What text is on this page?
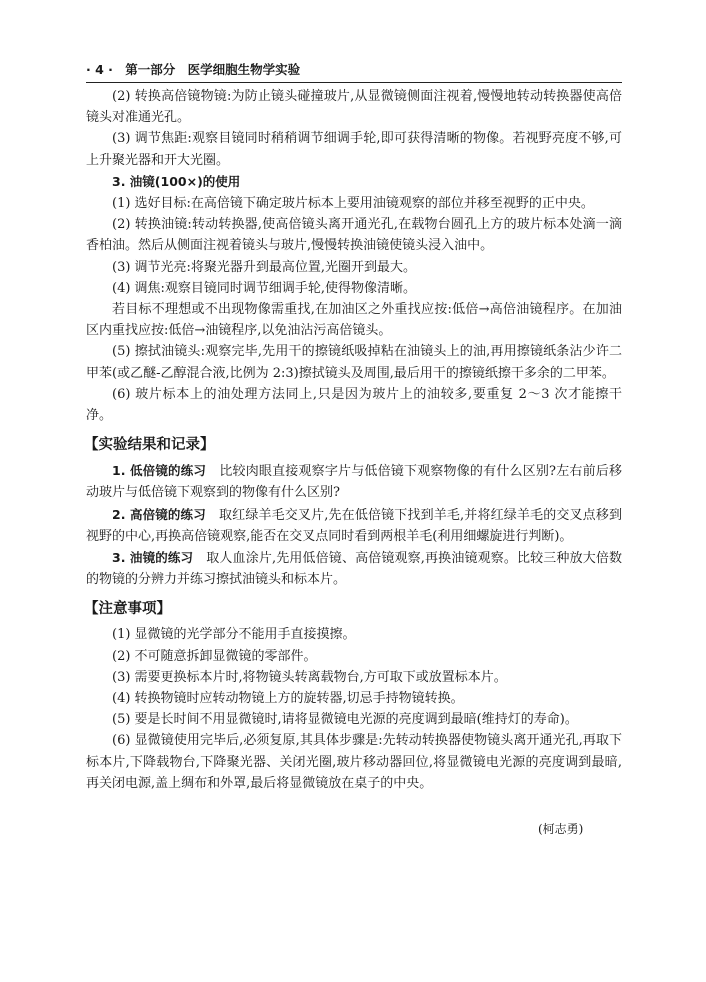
· 4 · 第一部分 医学细胞生物学实验

(2) 转换高倍镜物镜:为防止镜头碰撞玻片,从显微镜侧面注视着,慢慢地转动转换器使高倍镜头对准通光孔。

(3) 调节焦距:观察目镜同时稍稍调节细调手轮,即可获得清晰的物像。若视野亮度不够,可上升聚光器和开大光圈。

3. 油镜(100×)的使用

(1) 选好目标:在高倍镜下确定玻片标本上要用油镜观察的部位并移至视野的正中央。

(2) 转换油镜:转动转换器,使高倍镜头离开通光孔,在载物台圆孔上方的玻片标本处滴一滴香柏油。然后从侧面注视着镜头与玻片,慢慢转换油镜使镜头浸入油中。

(3) 调节光亮:将聚光器升到最高位置,光圈开到最大。

(4) 调焦:观察目镜同时调节细调手轮,使得物像清晰。

若目标不理想或不出现物像需重找,在加油区之外重找应按:低倍→高倍油镜程序。在加油区内重找应按:低倍→油镜程序,以免油沾污高倍镜头。

(5) 擦拭油镜头:观察完毕,先用干的擦镜纸吸掉粘在油镜头上的油,再用擦镜纸条沾少许二甲苯(或乙醚-乙醇混合液,比例为 2:3)擦拭镜头及周围,最后用干的擦镜纸擦干多余的二甲苯。

(6) 玻片标本上的油处理方法同上,只是因为玻片上的油较多,要重复 2～3 次才能擦干净。

【实验结果和记录】

1. 低倍镜的练习　 比较肉眼直接观察字片与低倍镜下观察物像的有什么区别?左右前后移动玻片与低倍镜下观察到的物像有什么区别?

2. 高倍镜的练习　 取红绿羊毛交叉片,先在低倍镜下找到羊毛,并将红绿羊毛的交叉点移到视野的中心,再换高倍镜观察,能否在交叉点同时看到两根羊毛(利用细螺旋进行判断)。

3. 油镜的练习　 取人血涂片,先用低倍镜、高倍镜观察,再换油镜观察。比较三种放大倍数的物镜的分辨力并练习擦拭油镜头和标本片。

【注意事项】

(1) 显微镜的光学部分不能用手直接摸擦。

(2) 不可随意拆卸显微镜的零部件。

(3) 需要更换标本片时,将物镜头转离载物台,方可取下或放置标本片。

(4) 转换物镜时应转动物镜上方的旋转器,切忌手持物镜转换。

(5) 要是长时间不用显微镜时,请将显微镜电光源的亮度调到最暗(维持灯的寿命)。

(6) 显微镜使用完毕后,必须复原,其具体步骤是:先转动转换器使物镜头离开通光孔,再取下标本片,下降载物台,下降聚光器、关闭光圈,玻片移动器回位,将显微镜电光源的亮度调到最暗,再关闭电源,盖上绸布和外罩,最后将显微镜放在桌子的中央。

(柯志勇)
